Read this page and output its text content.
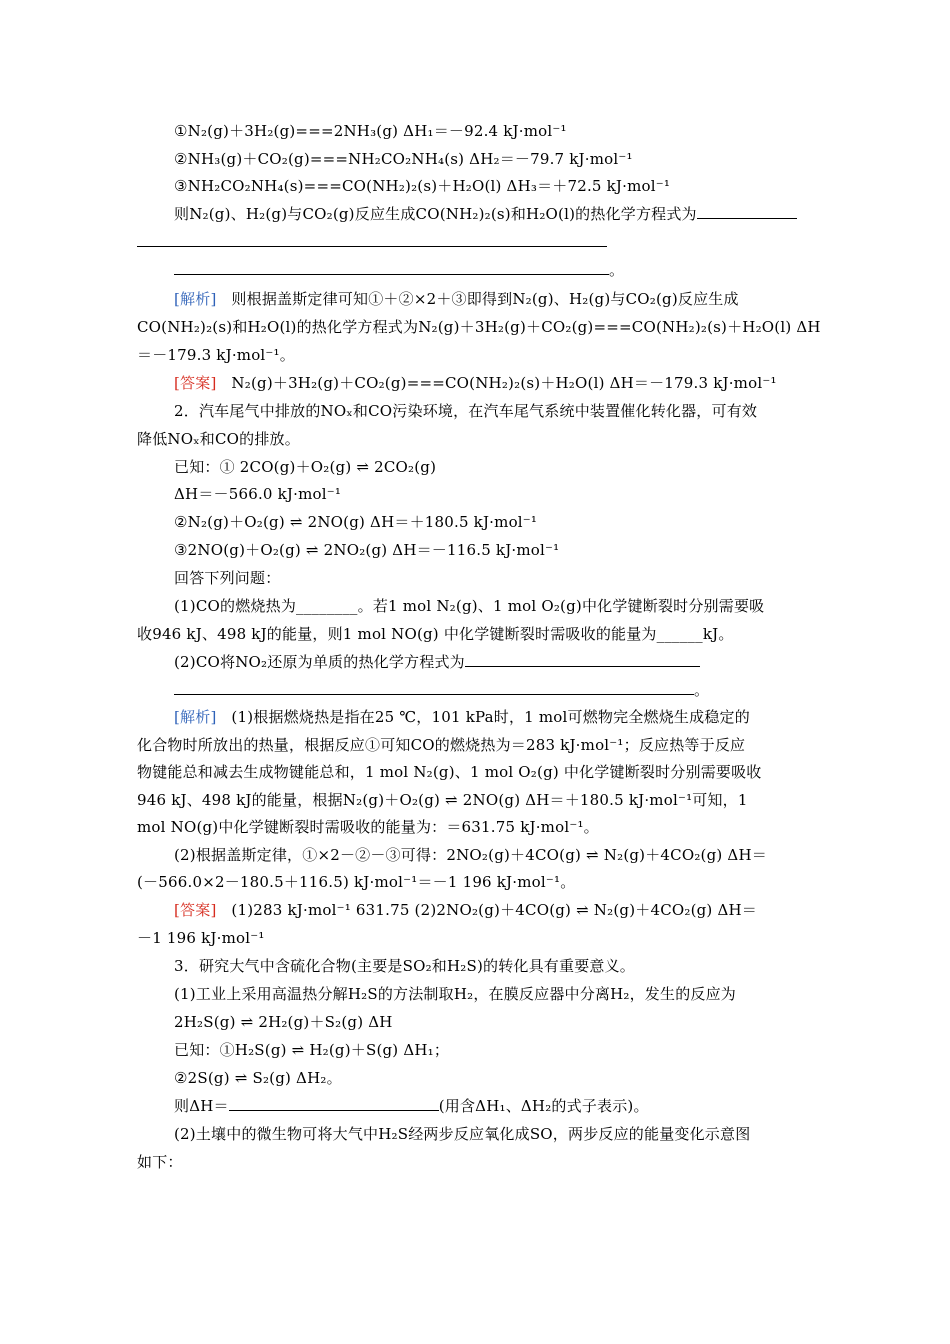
①N₂(g)＋3H₂(g)===2NH₃(g) ΔH₁＝－92.4 kJ·mol⁻¹
②NH₃(g)＋CO₂(g)===NH₂CO₂NH₄(s) ΔH₂＝－79.7 kJ·mol⁻¹
③NH₂CO₂NH₄(s)===CO(NH₂)₂(s)＋H₂O(l) ΔH₃＝＋72.5 kJ·mol⁻¹
则N₂(g)、H₂(g)与CO₂(g)反应生成CO(NH₂)₂(s)和H₂O(l)的热化学方程式为
。
[解析] 则根据盖斯定律可知①＋②×2＋③即得到N₂(g)、H₂(g)与CO₂(g)反应生成
CO(NH₂)₂(s)和H₂O(l)的热化学方程式为N₂(g)＋3H₂(g)＋CO₂(g)===CO(NH₂)₂(s)＋H₂O(l) ΔH
＝－179.3 kJ·mol⁻¹。
[答案] N₂(g)＋3H₂(g)＋CO₂(g)===CO(NH₂)₂(s)＋H₂O(l) ΔH＝－179.3 kJ·mol⁻¹
2．汽车尾气中排放的NOₓ和CO污染环境，在汽车尾气系统中装置催化转化器，可有效
降低NOₓ和CO的排放。
已知：① 2CO(g)＋O₂(g) ⇌ 2CO₂(g)
ΔH＝－566.0 kJ·mol⁻¹
②N₂(g)＋O₂(g) ⇌ 2NO(g) ΔH＝＋180.5 kJ·mol⁻¹
③2NO(g)＋O₂(g) ⇌ 2NO₂(g) ΔH＝－116.5 kJ·mol⁻¹
回答下列问题：
(1)CO的燃烧热为________。若1 mol N₂(g)、1 mol O₂(g)中化学键断裂时分别需要吸
收946 kJ、498 kJ的能量，则1 mol NO(g) 中化学键断裂时需吸收的能量为______kJ。
(2)CO将NO₂还原为单质的热化学方程式为
。
[解析] (1)根据燃烧热是指在25 ℃，101 kPa时，1 mol可燃物完全燃烧生成稳定的
化合物时所放出的热量，根据反应①可知CO的燃烧热为＝283 kJ·mol⁻¹；反应热等于反应
物键能总和减去生成物键能总和，1 mol N₂(g)、1 mol O₂(g) 中化学键断裂时分别需要吸收
946 kJ、498 kJ的能量，根据N₂(g)＋O₂(g) ⇌ 2NO(g) ΔH＝＋180.5 kJ·mol⁻¹可知，1
mol NO(g)中化学键断裂时需吸收的能量为：＝631.75 kJ·mol⁻¹。
(2)根据盖斯定律，①×2－②－③可得：2NO₂(g)＋4CO(g) ⇌ N₂(g)＋4CO₂(g) ΔH＝
(－566.0×2－180.5＋116.5) kJ·mol⁻¹＝－1 196 kJ·mol⁻¹。
[答案] (1)283 kJ·mol⁻¹ 631.75 (2)2NO₂(g)＋4CO(g) ⇌ N₂(g)＋4CO₂(g) ΔH＝
－1 196 kJ·mol⁻¹
3．研究大气中含硫化合物(主要是SO₂和H₂S)的转化具有重要意义。
(1)工业上采用高温热分解H₂S的方法制取H₂，在膜反应器中分离H₂，发生的反应为
2H₂S(g) ⇌ 2H₂(g)＋S₂(g) ΔH
已知：①H₂S(g) ⇌ H₂(g)＋S(g) ΔH₁；
②2S(g) ⇌ S₂(g) ΔH₂。
则ΔH＝	(用含ΔH₁、ΔH₂的式子表示)。
(2)土壤中的微生物可将大气中H₂S经两步反应氧化成SO，两步反应的能量变化示意图
如下：
